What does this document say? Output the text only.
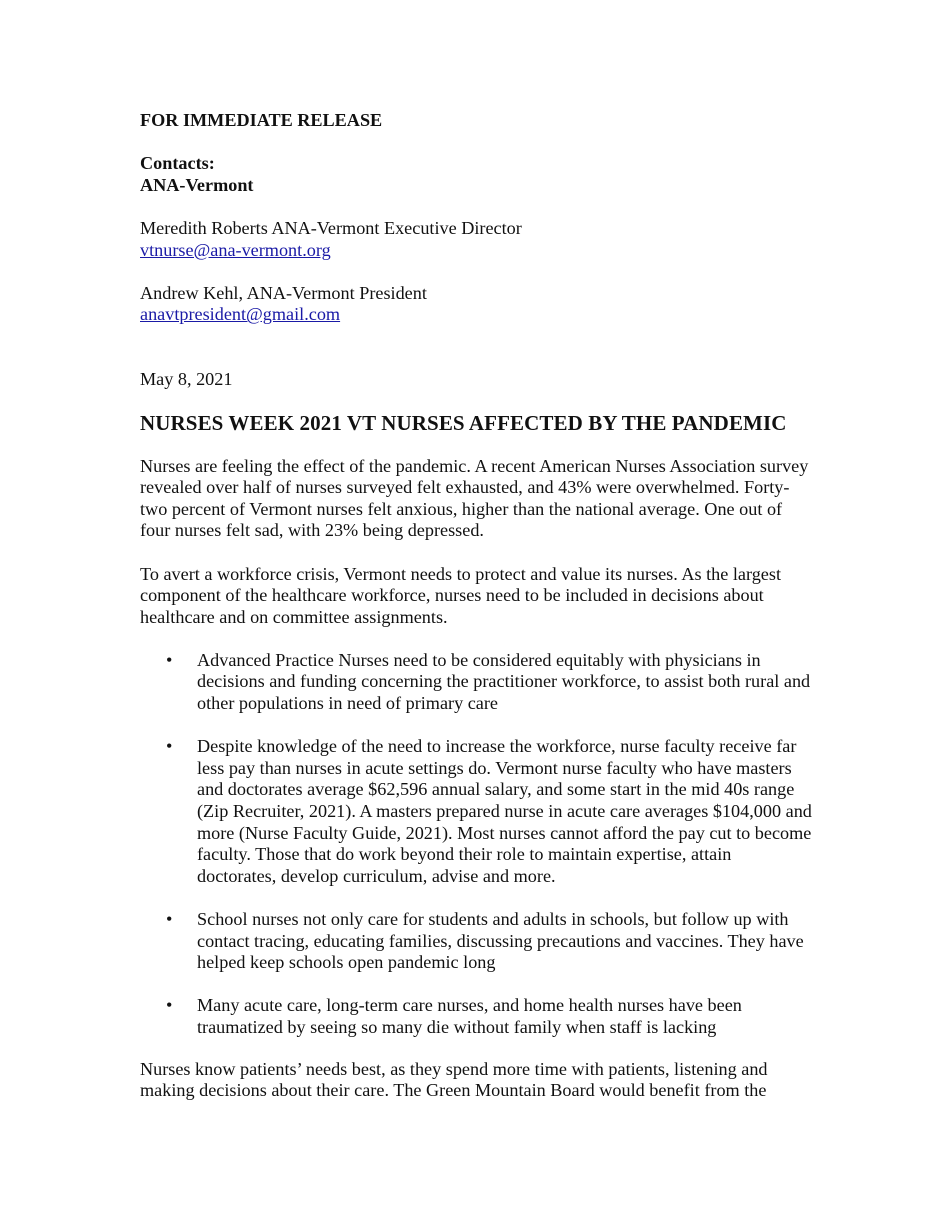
FOR IMMEDIATE RELEASE

Contacts:
ANA-Vermont
Meredith Roberts ANA-Vermont Executive Director
vtnurse@ana-vermont.org
Andrew Kehl, ANA-Vermont President
anavtpresident@gmail.com

May 8, 2021

NURSES WEEK 2021 VT NURSES AFFECTED BY THE PANDEMIC

Nurses are feeling the effect of the pandemic. A recent American Nurses Association survey revealed over half of nurses surveyed felt exhausted, and 43% were overwhelmed. Forty-two percent of Vermont nurses felt anxious, higher than the national average. One out of four nurses felt sad, with 23% being depressed.

To avert a workforce crisis, Vermont needs to protect and value its nurses. As the largest component of the healthcare workforce, nurses need to be included in decisions about healthcare and on committee assignments.

•	Advanced Practice Nurses need to be considered equitably with physicians in decisions and funding concerning the practitioner workforce, to assist both rural and other populations in need of primary care
•	Despite knowledge of the need to increase the workforce, nurse faculty receive far less pay than nurses in acute settings do. Vermont nurse faculty who have masters and doctorates average $62,596 annual salary, and some start in the mid 40s range (Zip Recruiter, 2021). A masters prepared nurse in acute care averages $104,000 and more (Nurse Faculty Guide, 2021). Most nurses cannot afford the pay cut to become faculty. Those that do work beyond their role to maintain expertise, attain doctorates, develop curriculum, advise and more.
•	School nurses not only care for students and adults in schools, but follow up with contact tracing, educating families, discussing precautions and vaccines. They have helped keep schools open pandemic long
•	Many acute care, long-term care nurses, and home health nurses have been traumatized by seeing so many die without family when staff is lacking

Nurses know patients’ needs best, as they spend more time with patients, listening and making decisions about their care. The Green Mountain Board would benefit from the
